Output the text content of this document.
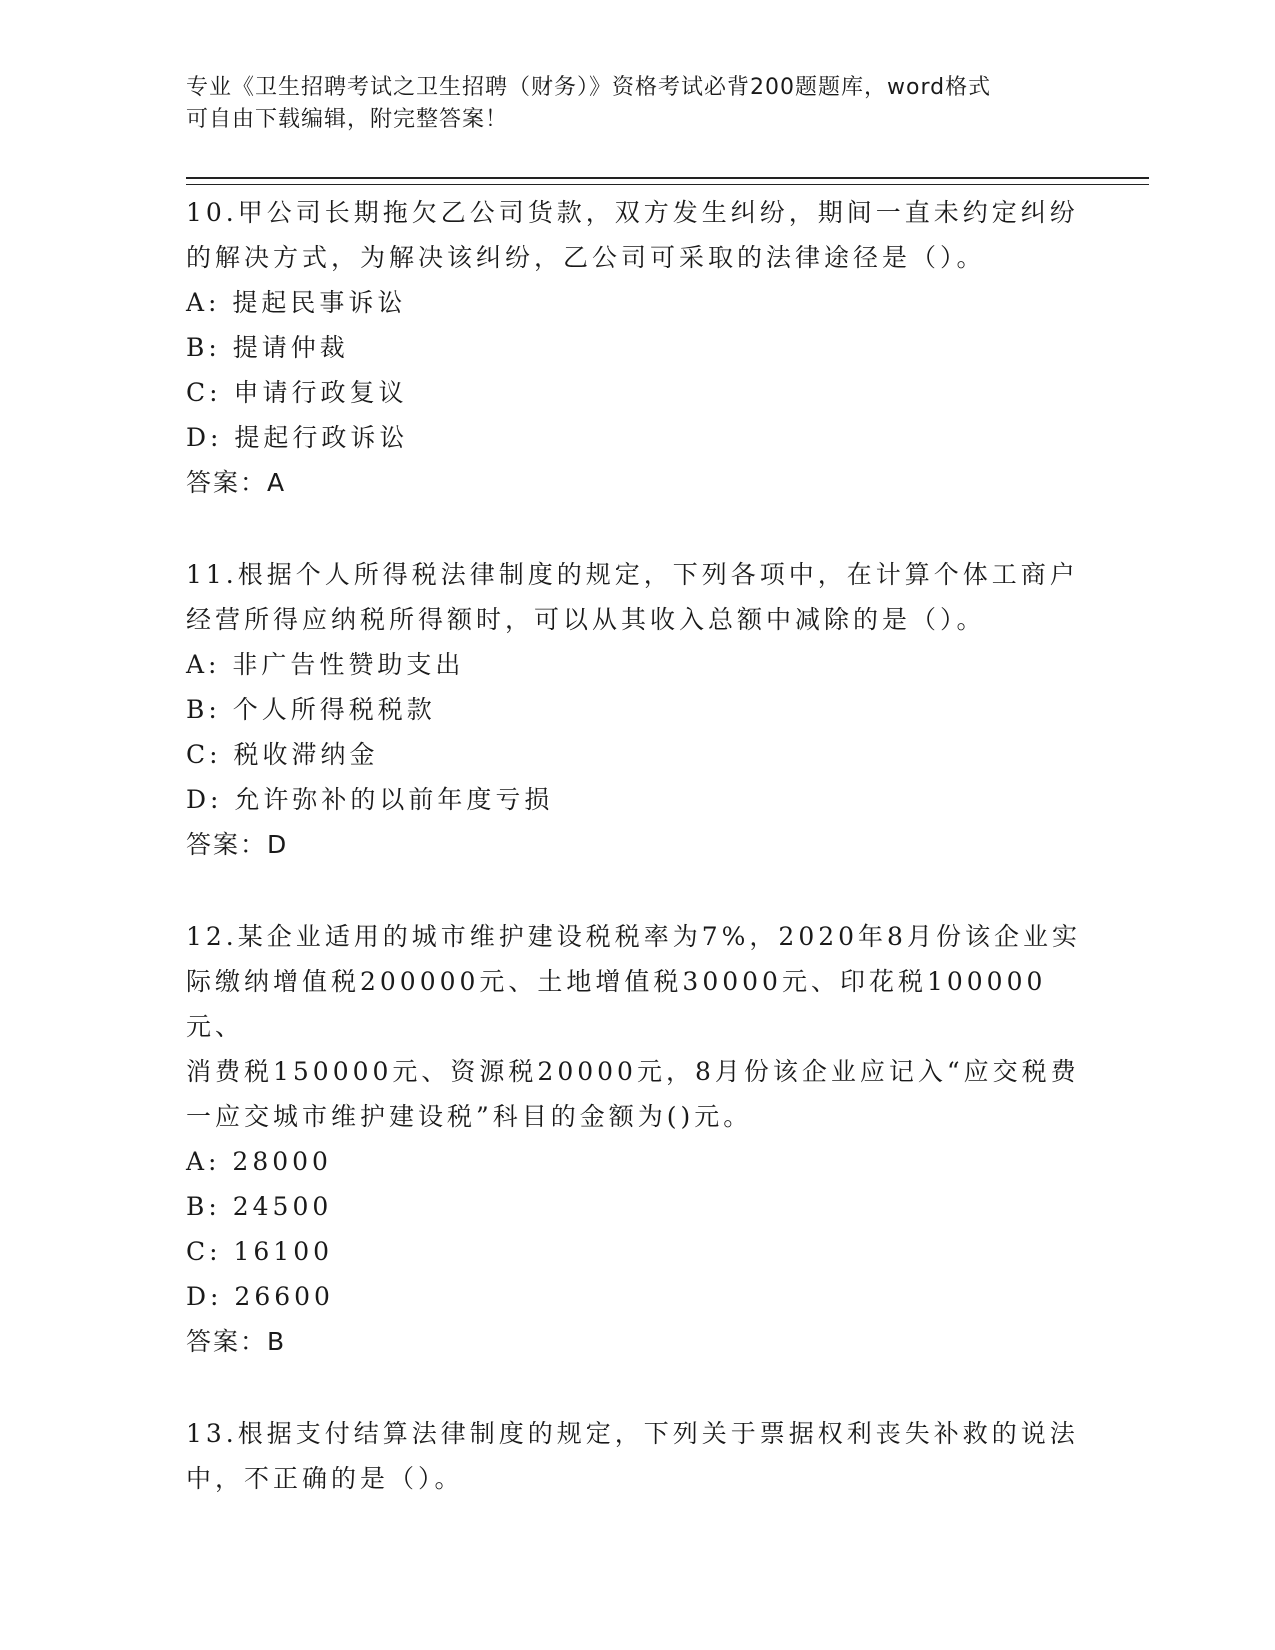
专业《卫生招聘考试之卫生招聘（财务）》资格考试必背200题题库，word格式
可自由下载编辑，附完整答案！
10.甲公司长期拖欠乙公司货款，双方发生纠纷，期间一直未约定纠纷
的解决方式，为解决该纠纷，乙公司可采取的法律途径是（）。
A: 提起民事诉讼
B: 提请仲裁
C: 申请行政复议
D: 提起行政诉讼
答案：A
11.根据个人所得税法律制度的规定，下列各项中，在计算个体工商户
经营所得应纳税所得额时，可以从其收入总额中减除的是（）。
A: 非广告性赞助支出
B: 个人所得税税款
C: 税收滞纳金
D: 允许弥补的以前年度亏损
答案：D
12.某企业适用的城市维护建设税税率为7%，2020年8月份该企业实
际缴纳增值税200000元、土地增值税30000元、印花税100000元、
消费税150000元、资源税20000元，8月份该企业应记入“应交税费
一应交城市维护建设税”科目的金额为()元。
A: 28000
B: 24500
C: 16100
D: 26600
答案：B
13.根据支付结算法律制度的规定，下列关于票据权利丧失补救的说法
中，不正确的是（）。
